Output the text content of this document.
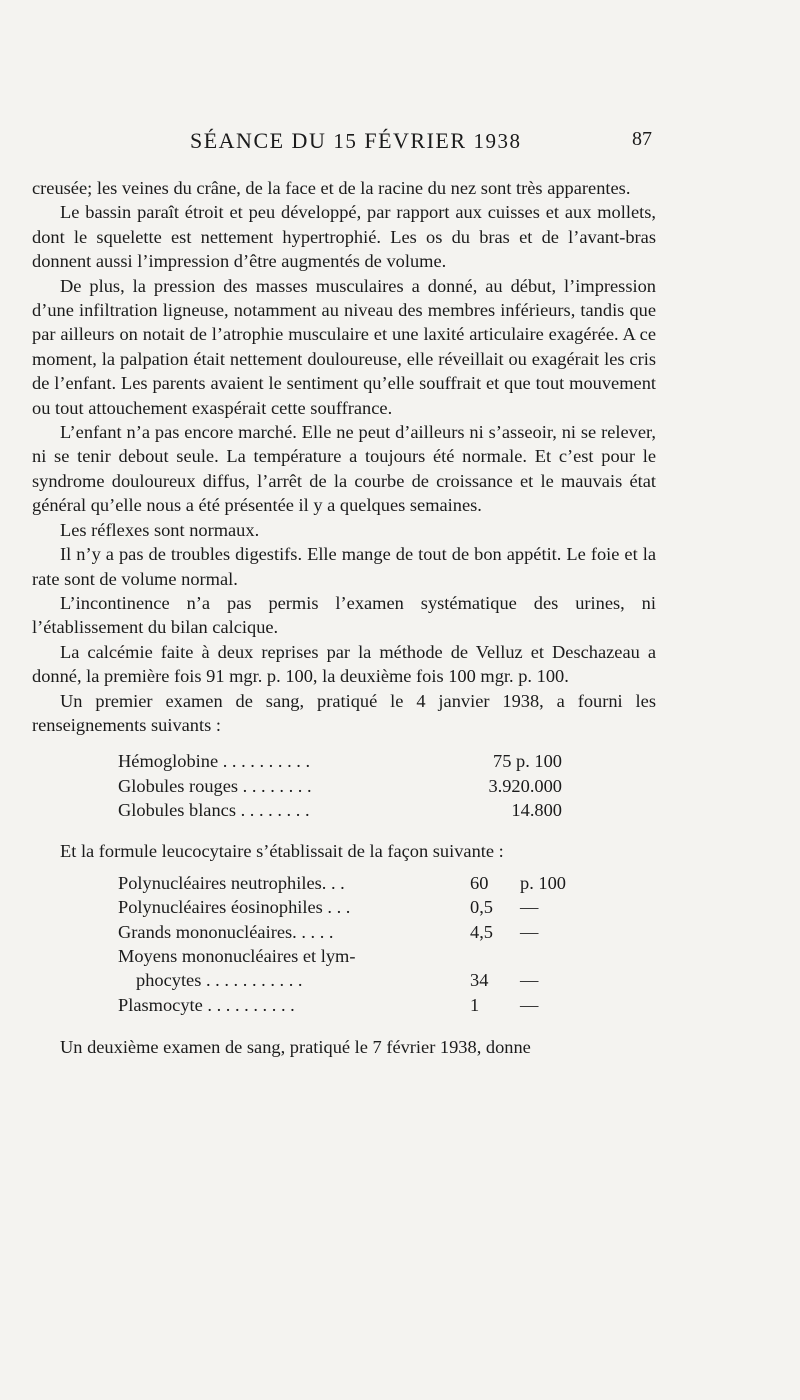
SÉANCE DU 15 FÉVRIER 1938	87

creusée; les veines du crâne, de la face et de la racine du nez sont très apparentes.

Le bassin paraît étroit et peu développé, par rapport aux cuisses et aux mollets, dont le squelette est nettement hypertrophié. Les os du bras et de l’avant-bras donnent aussi l’impression d’être augmentés de volume.

De plus, la pression des masses musculaires a donné, au début, l’impression d’une infiltration ligneuse, notamment au niveau des membres inférieurs, tandis que par ailleurs on notait de l’atrophie musculaire et une laxité articulaire exagérée. A ce moment, la palpation était nettement douloureuse, elle réveillait ou exagérait les cris de l’enfant. Les parents avaient le sentiment qu’elle souffrait et que tout mouvement ou tout attouchement exaspérait cette souffrance.

L’enfant n’a pas encore marché. Elle ne peut d’ailleurs ni s’asseoir, ni se relever, ni se tenir debout seule. La température a toujours été normale. Et c’est pour le syndrome douloureux diffus, l’arrêt de la courbe de croissance et le mauvais état général qu’elle nous a été présentée il y a quelques semaines.

Les réflexes sont normaux.

Il n’y a pas de troubles digestifs. Elle mange de tout de bon appétit. Le foie et la rate sont de volume normal.

L’incontinence n’a pas permis l’examen systématique des urines, ni l’établissement du bilan calcique.

La calcémie faite à deux reprises par la méthode de Velluz et Deschazeau a donné, la première fois 91 mgr. p. 100, la deuxième fois 100 mgr. p. 100.

Un premier examen de sang, pratiqué le 4 janvier 1938, a fourni les renseignements suivants :

Hémoglobine . . . . . . . . . .	75 p. 100
Globules rouges . . . . . . . .	3.920.000
Globules blancs . . . . . . . .	14.800
Et la formule leucocytaire s’établissait de la façon suivante :
Polynucléaires neutrophiles. . .	60 p. 100
Polynucléaires éosinophiles . . .	0,5 —
Grands mononucléaires. . . . .	4,5 —
Moyens mononucléaires et lym-
phocytes . . . . . . . . . . .	34 —
Plasmocyte . . . . . . . . . .	1 —
Un deuxième examen de sang, pratiqué le 7 février 1938, donne
